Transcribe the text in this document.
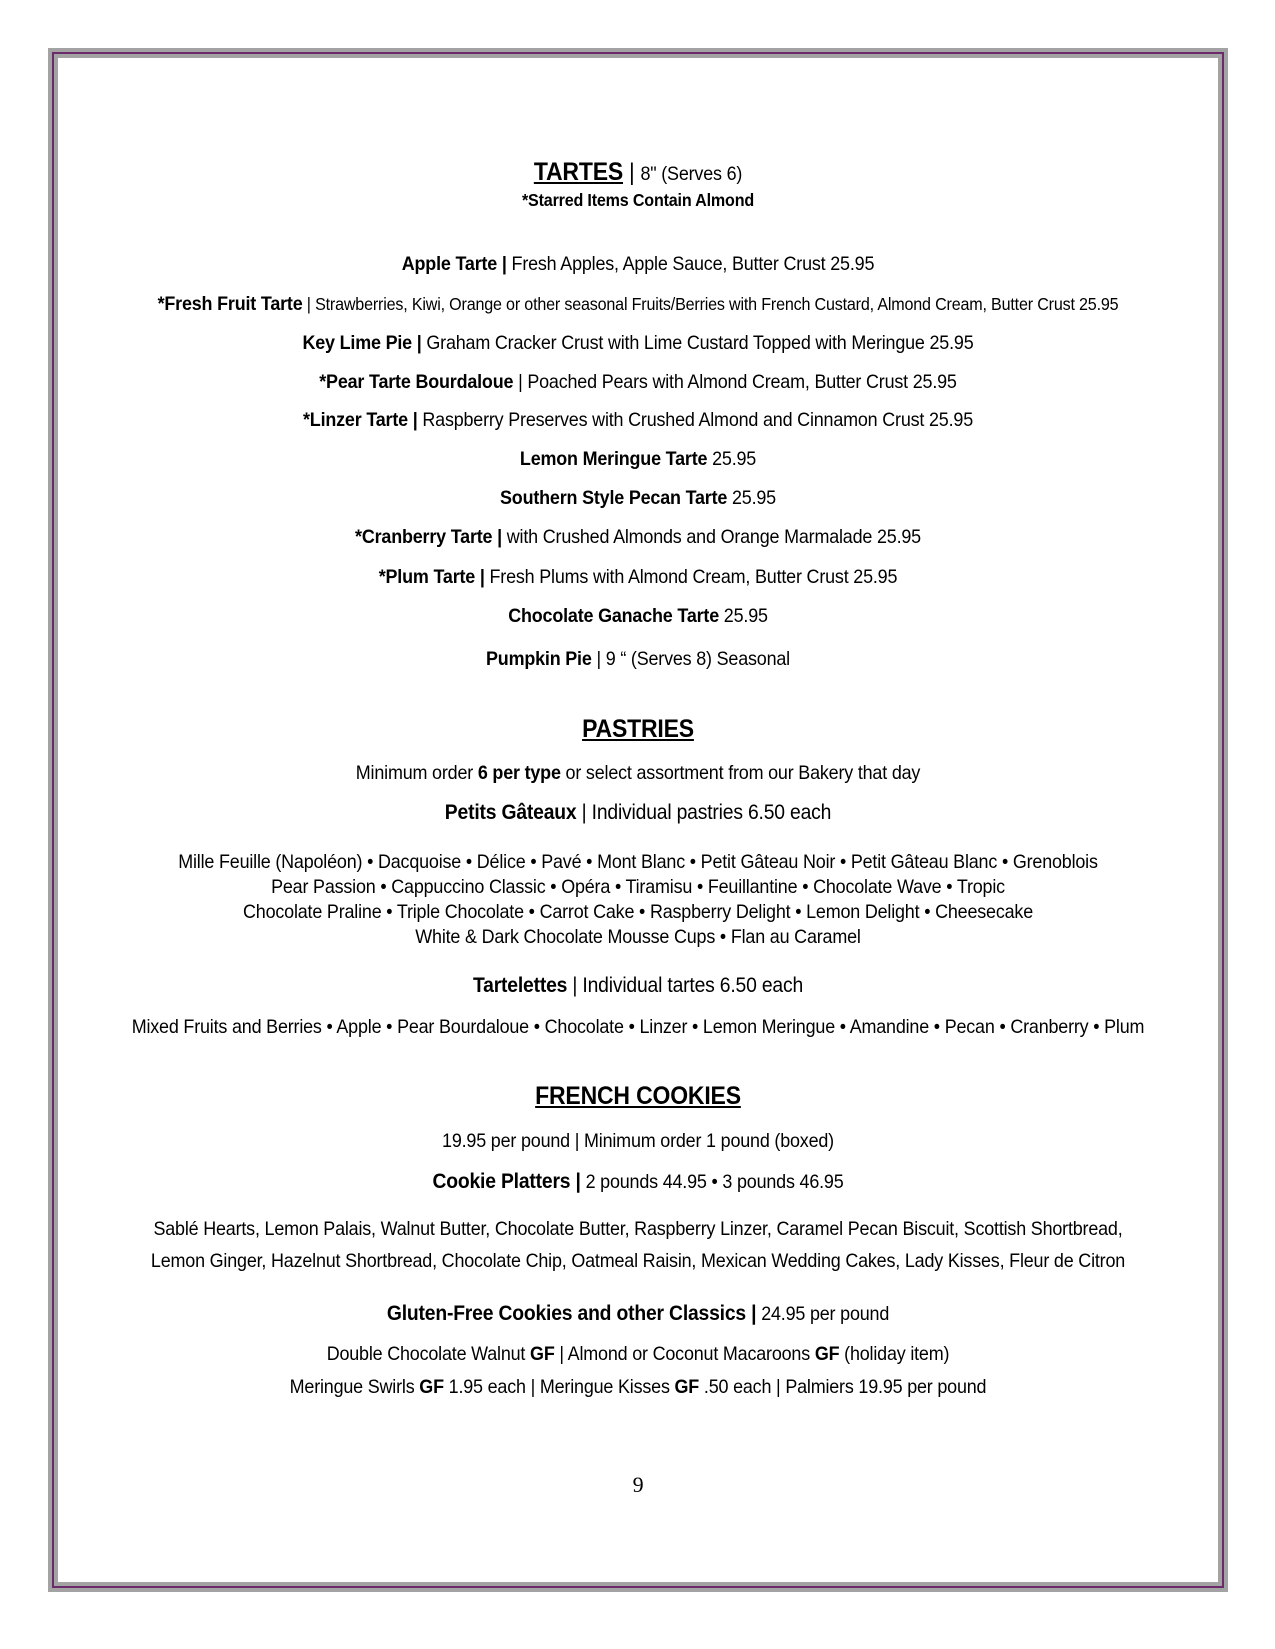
TARTES | 8" (Serves 6)
*Starred Items Contain Almond
Apple Tarte | Fresh Apples, Apple Sauce, Butter Crust 25.95
*Fresh Fruit Tarte | Strawberries, Kiwi, Orange or other seasonal Fruits/Berries with French Custard, Almond Cream, Butter Crust 25.95
Key Lime Pie | Graham Cracker Crust with Lime Custard Topped with Meringue 25.95
*Pear Tarte Bourdaloue | Poached Pears with Almond Cream, Butter Crust 25.95
*Linzer Tarte | Raspberry Preserves with Crushed Almond and Cinnamon Crust 25.95
Lemon Meringue Tarte 25.95
Southern Style Pecan Tarte 25.95
*Cranberry Tarte | with Crushed Almonds and Orange Marmalade 25.95
*Plum Tarte | Fresh Plums with Almond Cream, Butter Crust 25.95
Chocolate Ganache Tarte 25.95
Pumpkin Pie | 9 “ (Serves 8) Seasonal
PASTRIES
Minimum order 6 per type or select assortment from our Bakery that day
Petits Gâteaux | Individual pastries 6.50 each
Mille Feuille (Napoléon) • Dacquoise • Délice • Pavé • Mont Blanc • Petit Gâteau Noir • Petit Gâteau Blanc • Grenoblois
Pear Passion • Cappuccino Classic • Opéra • Tiramisu • Feuillantine • Chocolate Wave • Tropic
Chocolate Praline • Triple Chocolate • Carrot Cake • Raspberry Delight • Lemon Delight • Cheesecake
White & Dark Chocolate Mousse Cups • Flan au Caramel
Tartelettes | Individual tartes 6.50 each
Mixed Fruits and Berries • Apple • Pear Bourdaloue • Chocolate • Linzer • Lemon Meringue • Amandine • Pecan • Cranberry • Plum
FRENCH COOKIES
19.95 per pound | Minimum order 1 pound (boxed)
Cookie Platters | 2 pounds 44.95 • 3 pounds 46.95
Sablé Hearts, Lemon Palais, Walnut Butter, Chocolate Butter, Raspberry Linzer, Caramel Pecan Biscuit, Scottish Shortbread,
Lemon Ginger, Hazelnut Shortbread, Chocolate Chip, Oatmeal Raisin, Mexican Wedding Cakes, Lady Kisses, Fleur de Citron
Gluten-Free Cookies and other Classics | 24.95 per pound
Double Chocolate Walnut GF | Almond or Coconut Macaroons GF (holiday item)
Meringue Swirls GF 1.95 each | Meringue Kisses GF .50 each | Palmiers 19.95 per pound
9
